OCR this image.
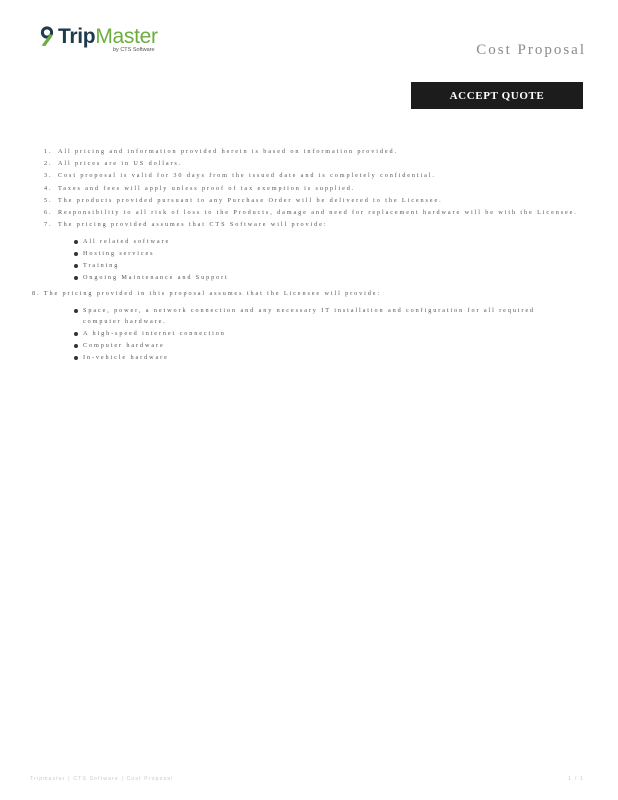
TripMaster
by CTS Software	Cost Proposal
ACCEPT QUOTE
1. All pricing and information provided herein is based on information provided.
2. All prices are in US dollars.
3. Cost proposal is valid for 30 days from the issued date and is completely confidential.
4. Taxes and fees will apply unless proof of tax exemption is supplied.
5. The products provided pursuant to any Purchase Order will be delivered to the Licensee.
6. Responsibility to all risk of loss to the Products, damage and need for replacement hardware will be with the Licensee.
7. The pricing provided assumes that CTS Software will provide:
All related software
Hosting services
Training
Ongoing Maintenance and Support
8. The pricing provided in this proposal assumes that the Licensee will provide:
Space, power, a network connection and any necessary IT installation and configuration for all required computer hardware.
A high-speed internet connection
Computer hardware
In-vehicle hardware
Tripmaster | CTS Software | Cost Proposal	1 / 1
